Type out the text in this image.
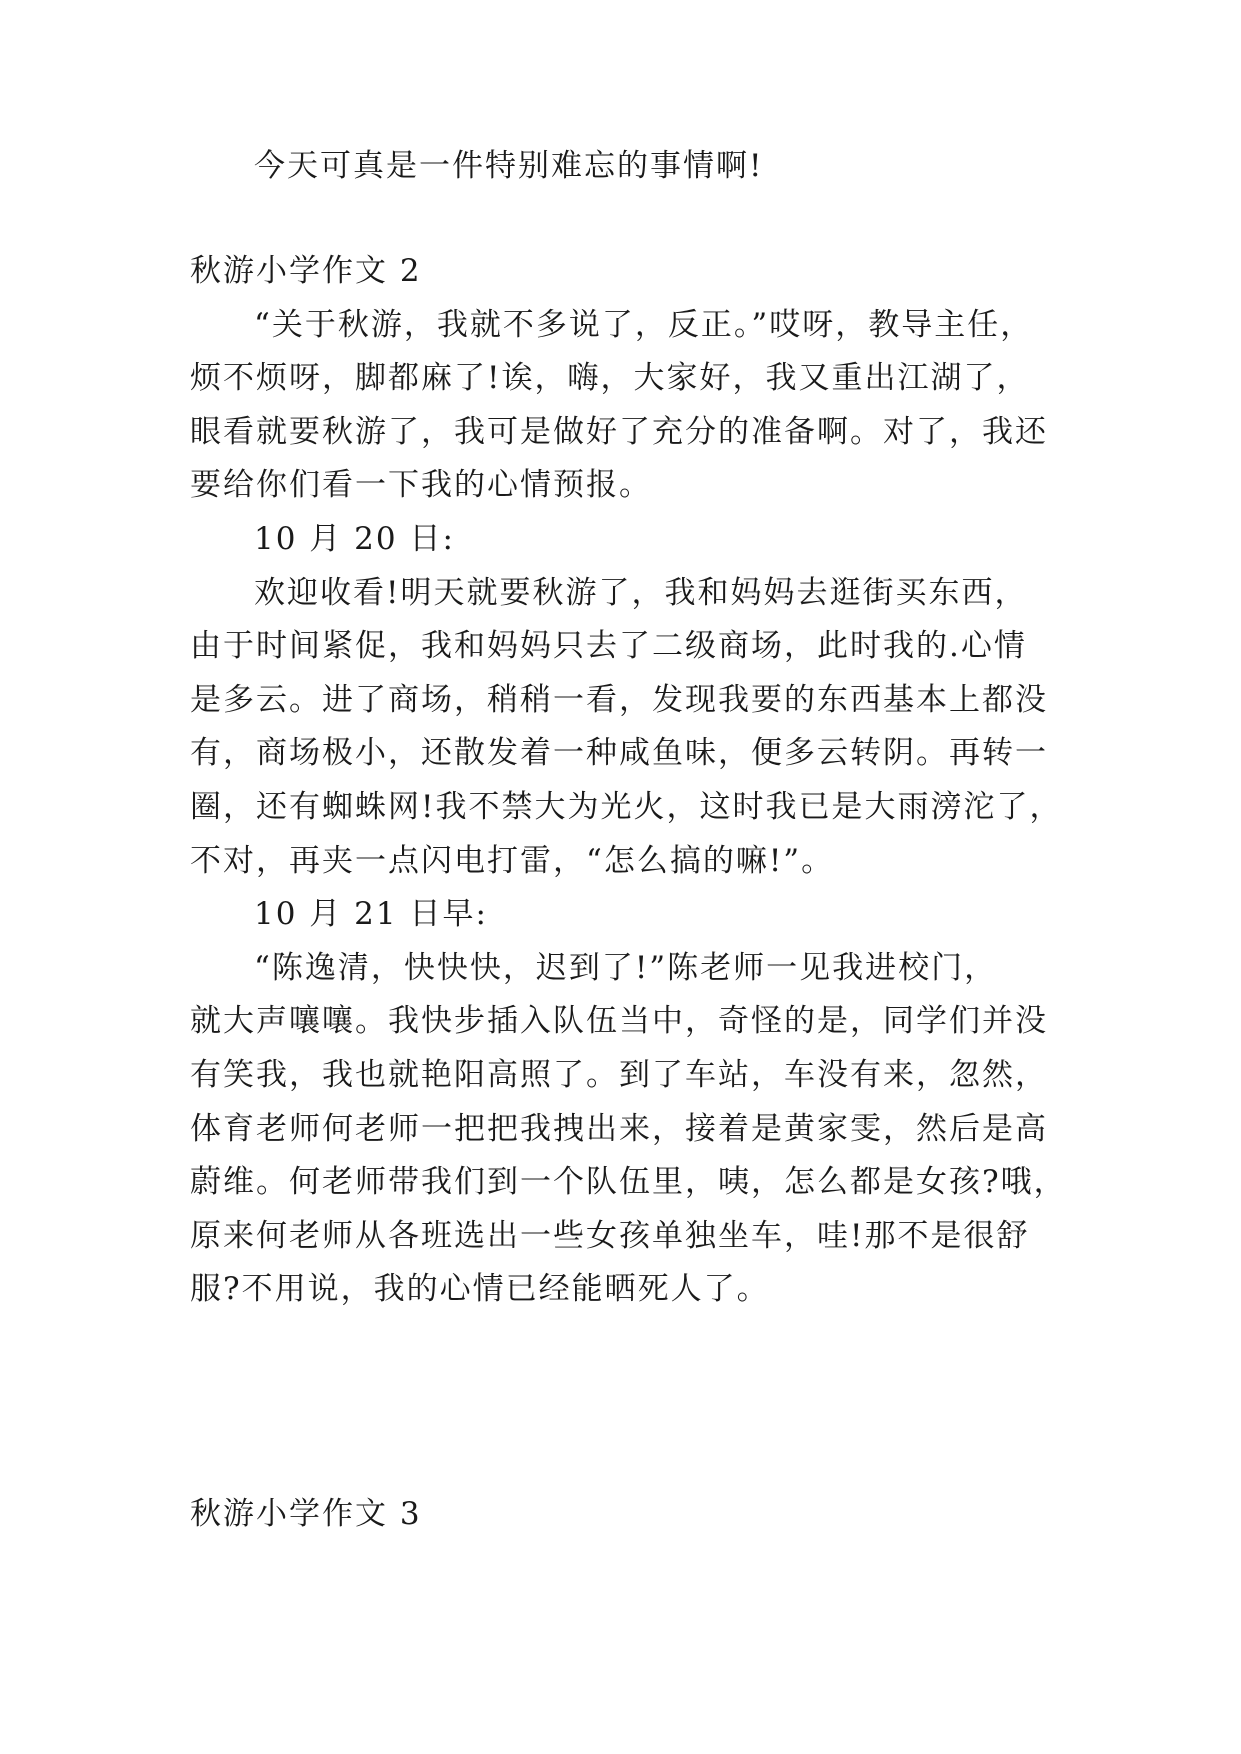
今天可真是一件特别难忘的事情啊!

秋游小学作文 2

“关于秋游，我就不多说了，反正。”哎呀，教导主任，
烦不烦呀，脚都麻了!诶，嗨，大家好，我又重出江湖了，
眼看就要秋游了，我可是做好了充分的准备啊。对了，我还
要给你们看一下我的心情预报。

10 月 20 日:

欢迎收看!明天就要秋游了，我和妈妈去逛街买东西，
由于时间紧促，我和妈妈只去了二级商场，此时我的.心情
是多云。进了商场，稍稍一看，发现我要的东西基本上都没
有，商场极小，还散发着一种咸鱼味，便多云转阴。再转一
圈，还有蜘蛛网!我不禁大为光火，这时我已是大雨滂沱了，
不对，再夹一点闪电打雷，“怎么搞的嘛!”。

10 月 21 日早:

“陈逸清，快快快，迟到了!”陈老师一见我进校门，
就大声嚷嚷。我快步插入队伍当中，奇怪的是，同学们并没
有笑我，我也就艳阳高照了。到了车站，车没有来，忽然，
体育老师何老师一把把我拽出来，接着是黄家雯，然后是高
蔚维。何老师带我们到一个队伍里，咦，怎么都是女孩?哦，
原来何老师从各班选出一些女孩单独坐车，哇!那不是很舒
服?不用说，我的心情已经能晒死人了。

秋游小学作文 3
